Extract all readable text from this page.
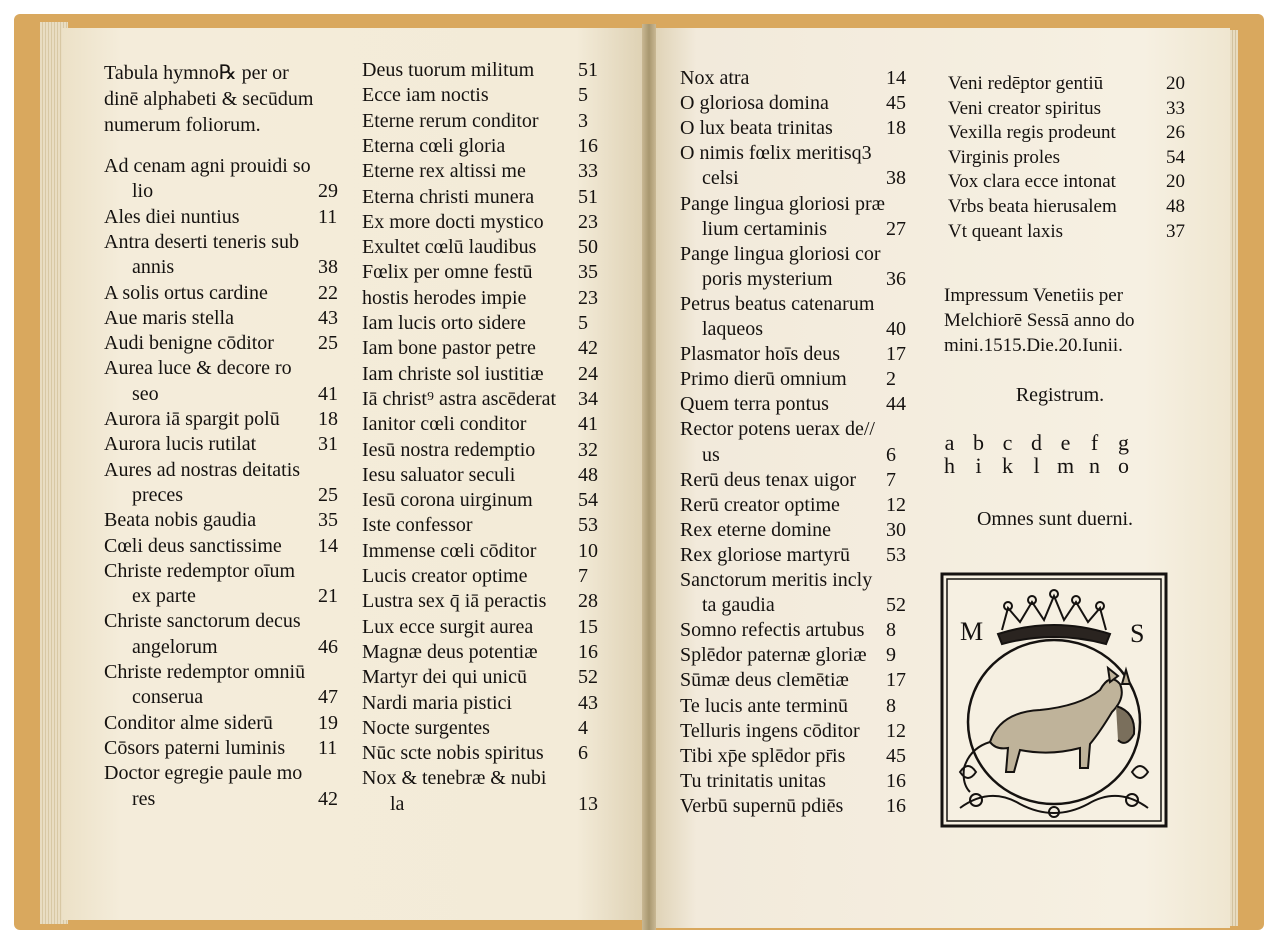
Tabula hymno℞ per or
dinē alphabeti & secūdum
numerum foliorum.
Ad cenam agni prouidi so
lio	29
Ales diei nuntius	11
Antra deserti teneris sub
annis	38
A solis ortus cardine	22
Aue maris stella	43
Audi benigne cōditor 25
Aurea luce & decore ro
seo	41
Aurora iā spargit polū 18
Aurora lucis rutilat	31
Aures ad nostras deitatis
preces	25
Beata nobis gaudia	35
Cœli deus sanctissime 14
Christe redemptor oīum
ex parte	21
Christe sanctorum decus
angelorum	46
Christe redemptor omniū
conserua	47
Conditor alme siderū 19
Cōsors paterni luminis 11
Doctor egregie paule mo
res	42
Deus tuorum militum 51
Ecce iam noctis	5
Eterne rerum conditor 3
Eterna cœli gloria	16
Eterne rex altissi me	33
Eterna christi munera 51
Ex more docti mystico 23
Exultet cœlū laudibus 50
Fœlix per omne festū 35
hostis herodes impie	23
Iam lucis orto sidere	5
Iam bone pastor petre 42
Iam christe sol iustitiæ 24
Iā christ⁹ astra ascēderat 34
Ianitor cœli conditor	41
Iesū nostra redemptio 32
Iesu saluator seculi	48
Iesū corona uirginum 54
Iste confessor	53
Immense cœli cōditor 10
Lucis creator optime	7
Lustra sex q̄ iā peractis 28
Lux ecce surgit aurea 15
Magnæ deus potentiæ 16
Martyr dei qui unicū	52
Nardi maria pistici	43
Nocte surgentes	4
Nūc scte nobis spiritus 6
Nox & tenebræ & nubi
la	13
Nox atra	14
O gloriosa domina	45
O lux beata trinitas	18
O nimis fœlix meritisq3
celsi	38
Pange lingua gloriosi præ
lium certaminis	27
Pange lingua gloriosi cor
poris mysterium	36
Petrus beatus catenarum
laqueos	40
Plasmator hoīs deus 17
Primo dierū omnium 2
Quem terra pontus	44
Rector potens uerax de//
us	6
Rerū deus tenax uigor 7
Rerū creator optime 12
Rex eterne domine	30
Rex gloriose martyrū 53
Sanctorum meritis incly
ta gaudia	52
Somno refectis artubus 8
Splēdor paternæ gloriæ 9
Sūmæ deus clemētiæ 17
Te lucis ante terminū 8
Telluris ingens cōditor 12
Tibi xp̄e splēdor pr̄is 45
Tu trinitatis unitas	16
Verbū supernū pdiēs 16
Veni redēptor gentiū	20
Veni creator spiritus	33
Vexilla regis prodeunt	26
Virginis proles	54
Vox clara ecce intonat	20
Vrbs beata hierusalem	48
Vt queant laxis	37
Impressum Venetiis per
Melchiorē Sessā anno do
mini.1515.Die.20.Iunii.
Registrum.
a b c d e f g
h i k l m n o
Omnes sunt duerni.
M	S
